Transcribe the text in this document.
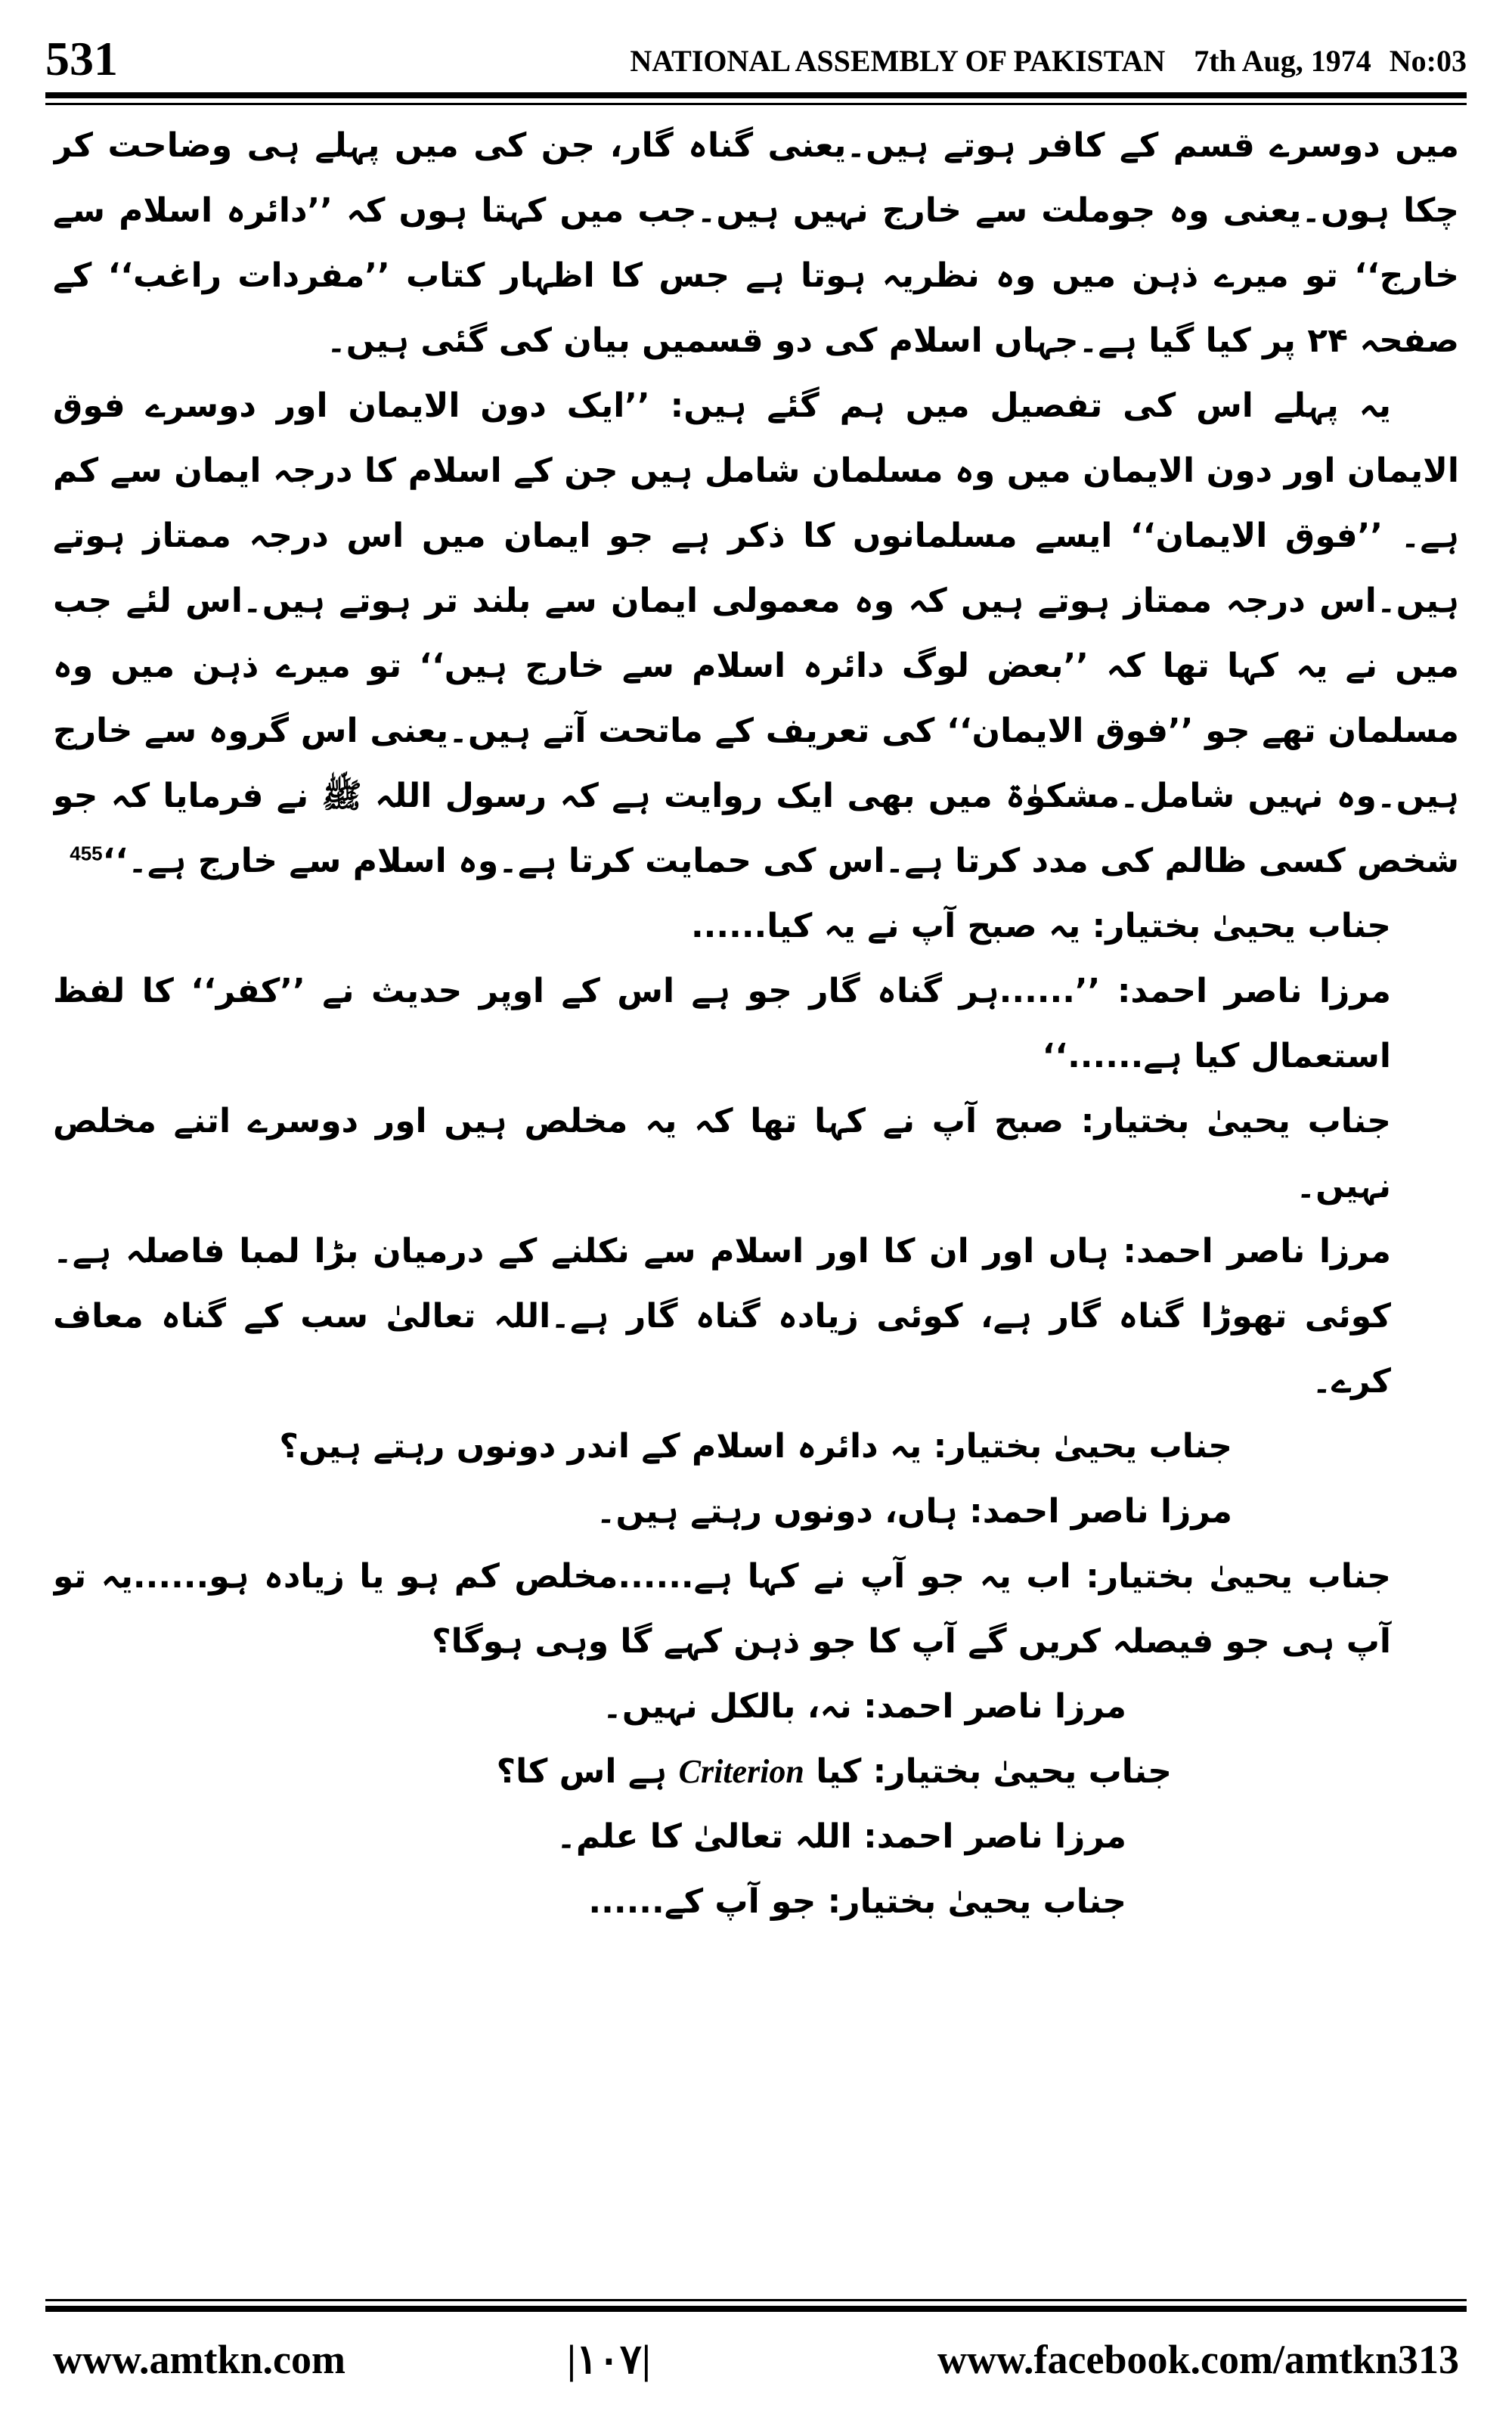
531	NATIONAL ASSEMBLY OF PAKISTAN 7th Aug, 1974 No:03

میں دوسرے قسم کے کافر ہوتے ہیں۔یعنی گناہ گار، جن کی میں پہلے ہی وضاحت کر چکا ہوں۔یعنی وہ جوملت سے خارج نہیں ہیں۔جب میں کہتا ہوں کہ ’’دائرہ اسلام سے خارج‘‘ تو میرے ذہن میں وہ نظریہ ہوتا ہے جس کا اظہار کتاب ’’مفردات راغب‘‘ کے صفحہ ۲۴ پر کیا گیا ہے۔جہاں اسلام کی دو قسمیں بیان کی گئی ہیں۔

یہ پہلے اس کی تفصیل میں ہم گئے ہیں: ’’ایک دون الایمان اور دوسرے فوق الایمان اور دون الایمان میں وہ مسلمان شامل ہیں جن کے اسلام کا درجہ ایمان سے کم ہے۔ ’’فوق الایمان‘‘ ایسے مسلمانوں کا ذکر ہے جو ایمان میں اس درجہ ممتاز ہوتے ہیں۔اس درجہ ممتاز ہوتے ہیں کہ وہ معمولی ایمان سے بلند تر ہوتے ہیں۔اس لئے جب میں نے یہ کہا تھا کہ ’’بعض لوگ دائرہ اسلام سے خارج ہیں‘‘ تو میرے ذہن میں وہ مسلمان تھے جو ’’فوق الایمان‘‘ کی تعریف کے ماتحت آتے ہیں۔یعنی اس گروہ سے خارج ہیں۔وہ نہیں شامل۔مشکوٰۃ میں بھی ایک روایت ہے کہ رسول اللہ ﷺ نے فرمایا کہ جو شخص کسی ظالم کی مدد کرتا ہے۔اس کی حمایت کرتا ہے۔وہ اسلام سے خارج ہے۔‘‘$^{455}$

جناب یحییٰ بختیار: یہ صبح آپ نے یہ کیا......

مرزا ناصر احمد: ’’......ہر گناہ گار جو ہے اس کے اوپر حدیث نے ’’کفر‘‘ کا لفظ استعمال کیا ہے......‘‘

جناب یحییٰ بختیار: صبح آپ نے کہا تھا کہ یہ مخلص ہیں اور دوسرے اتنے مخلص نہیں۔

مرزا ناصر احمد: ہاں اور ان کا اور اسلام سے نکلنے کے درمیان بڑا لمبا فاصلہ ہے۔کوئی تھوڑا گناہ گار ہے، کوئی زیادہ گناہ گار ہے۔اللہ تعالیٰ سب کے گناہ معاف کرے۔

جناب یحییٰ بختیار: یہ دائرہ اسلام کے اندر دونوں رہتے ہیں؟

مرزا ناصر احمد: ہاں، دونوں رہتے ہیں۔

جناب یحییٰ بختیار: اب یہ جو آپ نے کہا ہے......مخلص کم ہو یا زیادہ ہو......یہ تو آپ ہی جو فیصلہ کریں گے آپ کا جو ذہن کہے گا وہی ہوگا؟

مرزا ناصر احمد: نہ، بالکل نہیں۔

جناب یحییٰ بختیار: کیا Criterion ہے اس کا؟

مرزا ناصر احمد: اللہ تعالیٰ کا علم۔

جناب یحییٰ بختیار: جو آپ کے......

www.amtkn.com	|۱۰۷|	www.facebook.com/amtkn313
